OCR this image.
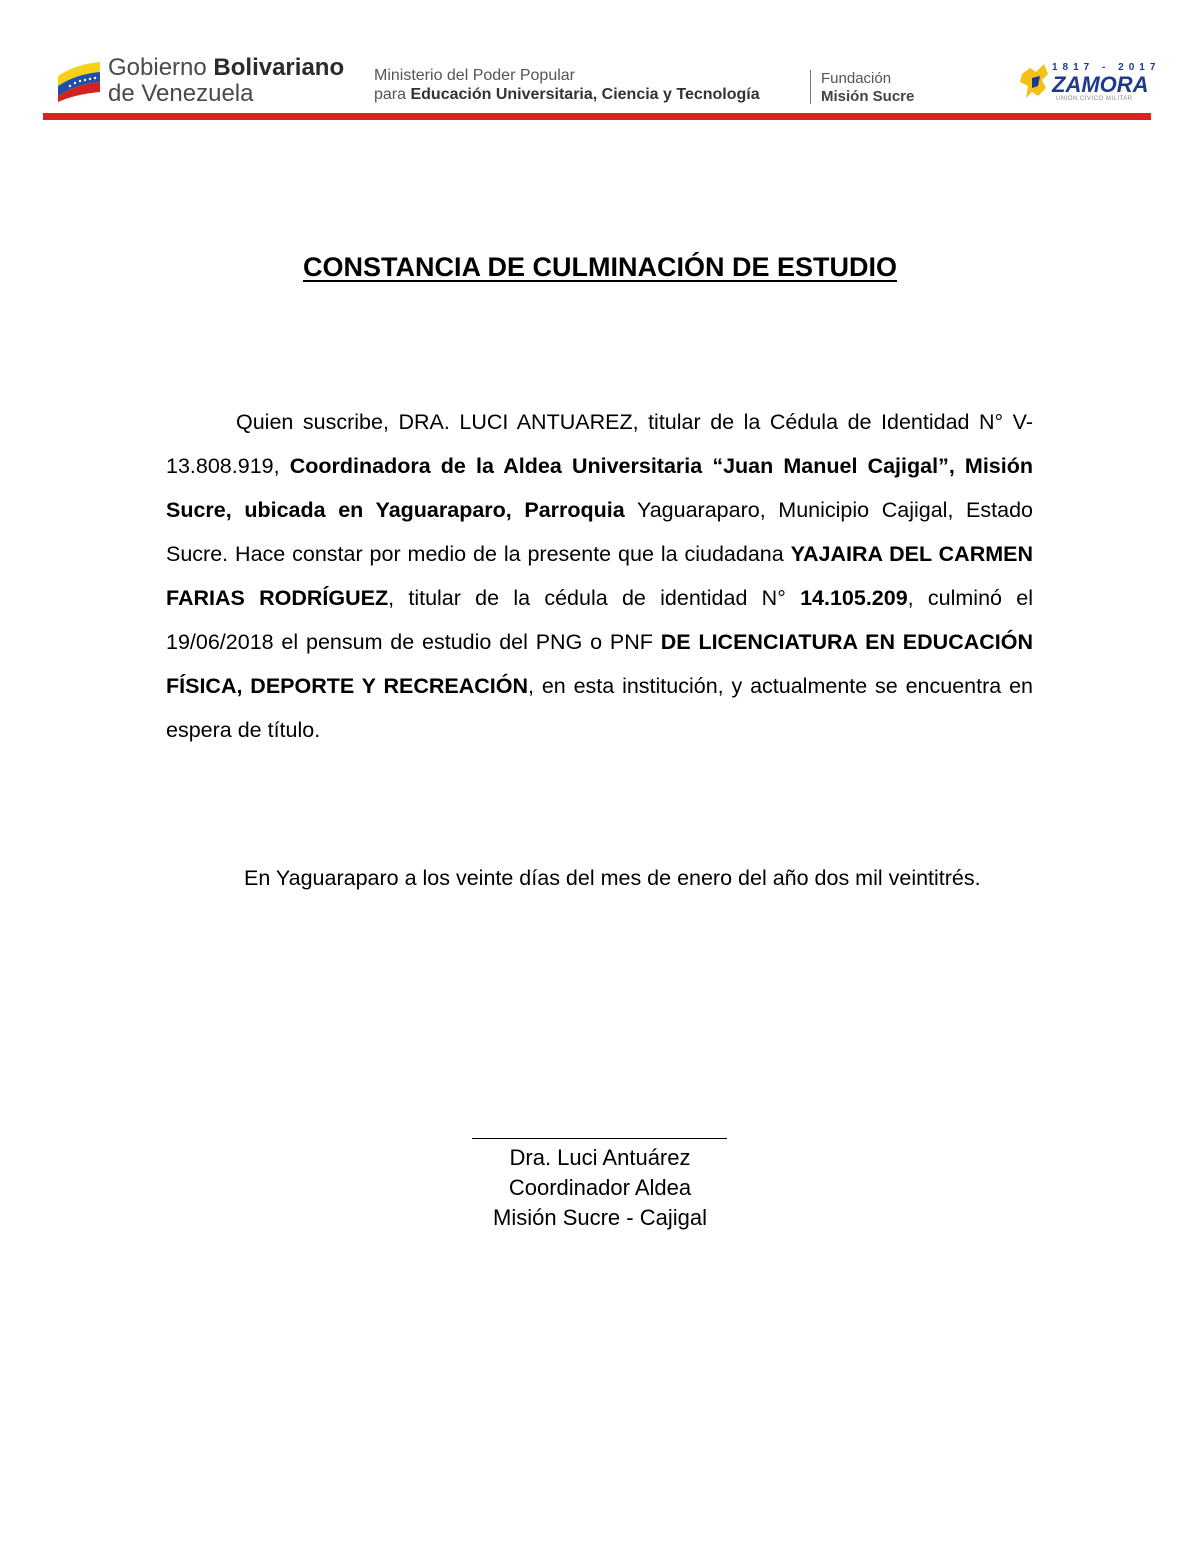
Gobierno Bolivariano
de Venezuela
Ministerio del Poder Popular
para Educación Universitaria, Ciencia y Tecnología
Fundación
Misión Sucre
1817 - 2017
ZAMORA
UNIÓN CÍVICO MILITAR
CONSTANCIA DE CULMINACIÓN DE ESTUDIO
Quien suscribe, DRA. LUCI ANTUAREZ, titular de la Cédula de Identidad N° V-13.808.919, Coordinadora de la Aldea Universitaria “Juan Manuel Cajigal”, Misión Sucre, ubicada en Yaguaraparo, Parroquia Yaguaraparo, Municipio Cajigal, Estado Sucre. Hace constar por medio de la presente que la ciudadana YAJAIRA DEL CARMEN FARIAS RODRÍGUEZ, titular de la cédula de identidad N° 14.105.209, culminó el 19/06/2018 el pensum de estudio del PNG o PNF DE LICENCIATURA EN EDUCACIÓN FÍSICA, DEPORTE Y RECREACIÓN, en esta institución, y actualmente se encuentra en espera de título.
En Yaguaraparo a los veinte días del mes de enero del año dos mil veintitrés.
Dra. Luci Antuárez
Coordinador Aldea
Misión Sucre - Cajigal
